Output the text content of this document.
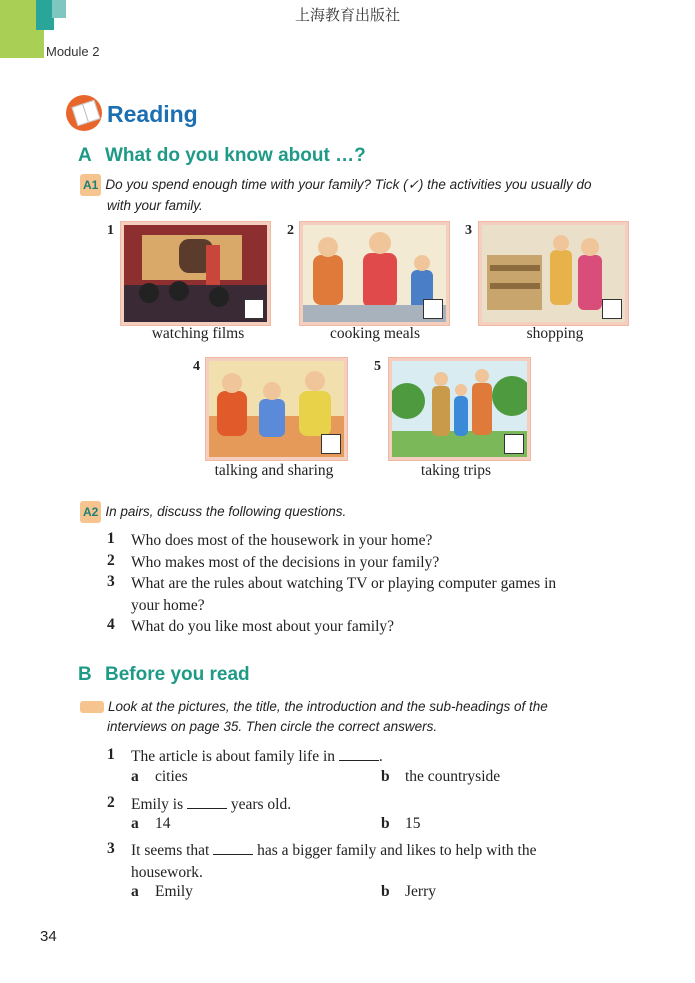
上海教育出版社
Module 2
Reading
A What do you know about …?
A1 Do you spend enough time with your family? Tick (✓) the activities you usually do
with your family.
1
watching films
2
cooking meals
3
shopping
4
talking and sharing
5
taking trips
A2 In pairs, discuss the following questions.
1 Who does most of the housework in your home?
2 Who makes most of the decisions in your family?
3 What are the rules about watching TV or playing computer games in
your home?
4 What do you like most about your family?
B Before you read
Look at the pictures, the title, the introduction and the sub-headings of the
interviews on page 35. Then circle the correct answers.
1 The article is about family life in	.
a cities	b the countryside
2 Emily is	years old.
a 14	b 15
3 It seems that	has a bigger family and likes to help with the
housework.
a Emily	b Jerry
34
